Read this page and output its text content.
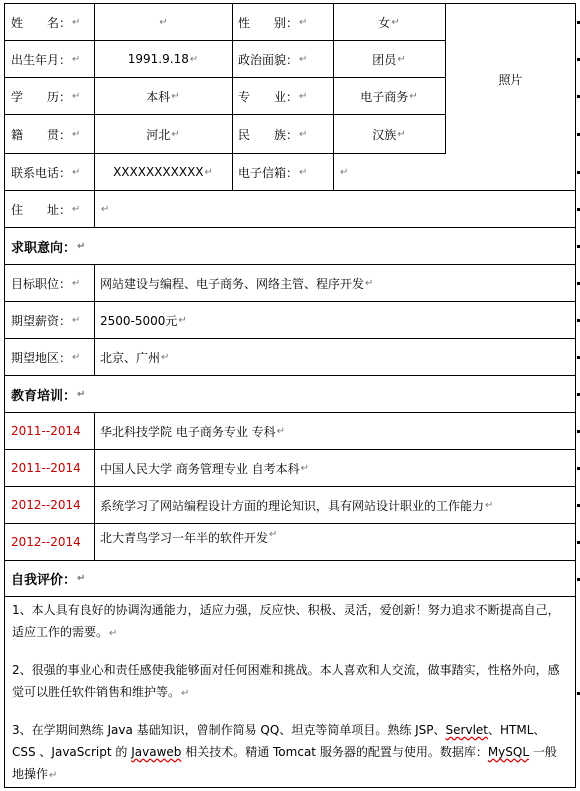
姓　　名： ↵	↵	性　　别： ↵	女 ↵
出生年月： ↵	1991.9.18 ↵	政治面貌： ↵	团员 ↵
学　　历： ↵	本科 ↵	专　　业： ↵	电子商务 ↵
籍　　贯： ↵	河北 ↵	民　　族： ↵	汉族 ↵
照片
联系电话： ↵	XXXXXXXXXXX ↵ 电子信箱： ↵	↵
住　　址： ↵ ↵
求职意向： ↵
目标职位： ↵ 网站建设与编程、电子商务、网络主管、程序开发 ↵
期望薪资： ↵ 2500-5000元 ↵
期望地区： ↵ 北京、广州 ↵
教育培训： ↵
2011--2014 华北科技学院 电子商务专业 专科 ↵
2011--2014 中国人民大学 商务管理专业 自考本科 ↵
2012--2014 系统学习了网站编程设计方面的理论知识，具有网站设计职业的工作能力 ↵
2012--2014 北大青鸟学习一年半的软件开发 ↵
自我评价： ↵
1、本人具有良好的协调沟通能力，适应力强，反应快、积极、灵活，爱创新！努力追求不断提高自己，适应工作的需要。↵
2、很强的事业心和责任感使我能够面对任何困难和挑战。本人喜欢和人交流，做事踏实，性格外向，感觉可以胜任软件销售和维护等。↵
3、在学期间熟练 Java 基础知识，曾制作简易 QQ、坦克等简单项目。熟练 JSP、Servlet、HTML、CSS 、JavaScript 的 Javaweb 相关技术。精通 Tomcat 服务器的配置与使用。数据库：MySQL 一般地操作↵
